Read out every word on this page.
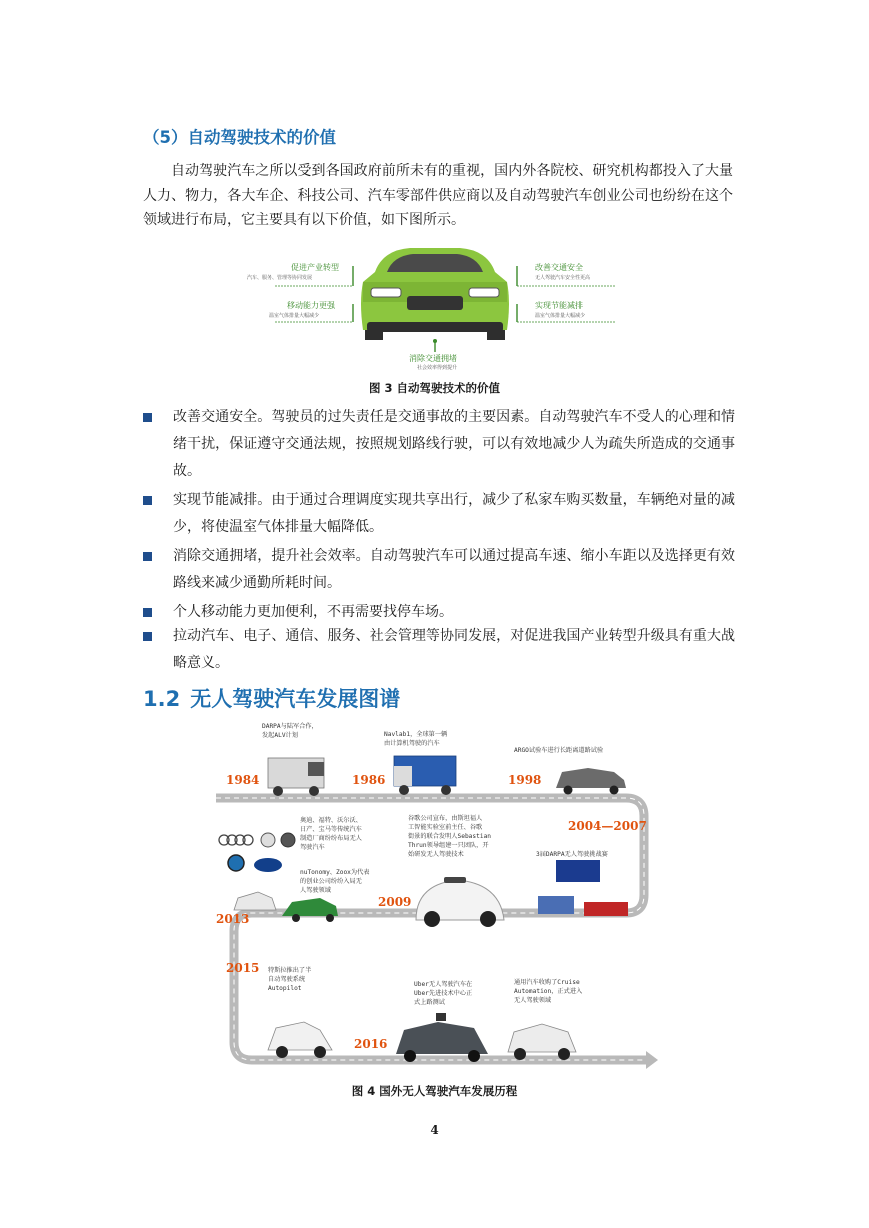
（5）自动驾驶技术的价值

自动驾驶汽车之所以受到各国政府前所未有的重视，国内外各院校、研究机构都投入了大量人力、物力，各大车企、科技公司、汽车零部件供应商以及自动驾驶汽车创业公司也纷纷在这个领域进行布局，它主要具有以下价值，如下图所示。

促进产业转型
汽车、服务、管理等协同发展
移动能力更强
温室气体排量大幅减少
改善交通安全
无人驾驶汽车安全性更高
实现节能减排
温室气体排量大幅减少
消除交通拥堵
社会效率得到提升
图 3 自动驾驶技术的价值
改善交通安全。驾驶员的过失责任是交通事故的主要因素。自动驾驶汽车不受人的心理和情绪干扰，保证遵守交通法规，按照规划路线行驶，可以有效地减少人为疏失所造成的交通事故。
实现节能减排。由于通过合理调度实现共享出行，减少了私家车购买数量，车辆绝对量的减少，将使温室气体排量大幅降低。
消除交通拥堵，提升社会效率。自动驾驶汽车可以通过提高车速、缩小车距以及选择更有效路线来减少通勤所耗时间。
个人移动能力更加便利，不再需要找停车场。
拉动汽车、电子、通信、服务、社会管理等协同发展，对促进我国产业转型升级具有重大战略意义。
1.2 无人驾驶汽车发展图谱
1984	1986	1998
2004—2007
2009
2013
2015
2016
DARPA与陆军合作， 发起ALV计划	Navlab1，全球第一辆 由计算机驾驶的汽车
ARGO试验车进行长距离道路试验
奥迪、福特、沃尔沃、 日产、宝马等传统汽车 制造厂商纷纷布局无人 驾驶汽车
nuTonomy、Zoox为代表 的创业公司纷纷入局无 人驾驶领域
谷歌公司宣布，由斯坦福人 工智能实验室前主任、谷歌 街景的联合发明人Sebastian Thrun领导组建一只团队，开 始研发无人驾驶技术	3届DARPA无人驾驶挑战赛
特斯拉推出了半 自动驾驶系统 Autopilot
Uber无人驾驶汽车在 Uber先进技术中心正 式上路测试
通用汽车收购了Cruise Automation，正式进入 无人驾驶领域
图 4 国外无人驾驶汽车发展历程
4
